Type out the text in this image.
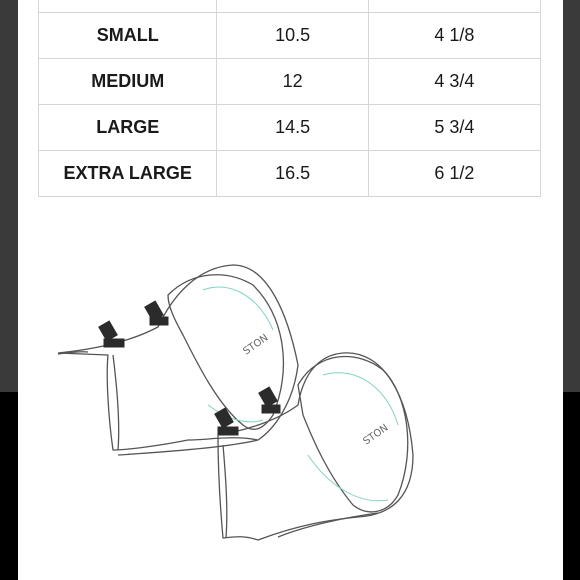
SMALL	10.5	4 1/8
MEDIUM	12	4 3/4
LARGE	14.5	5 3/4
EXTRA LARGE	16.5	6 1/2
STON
STON
